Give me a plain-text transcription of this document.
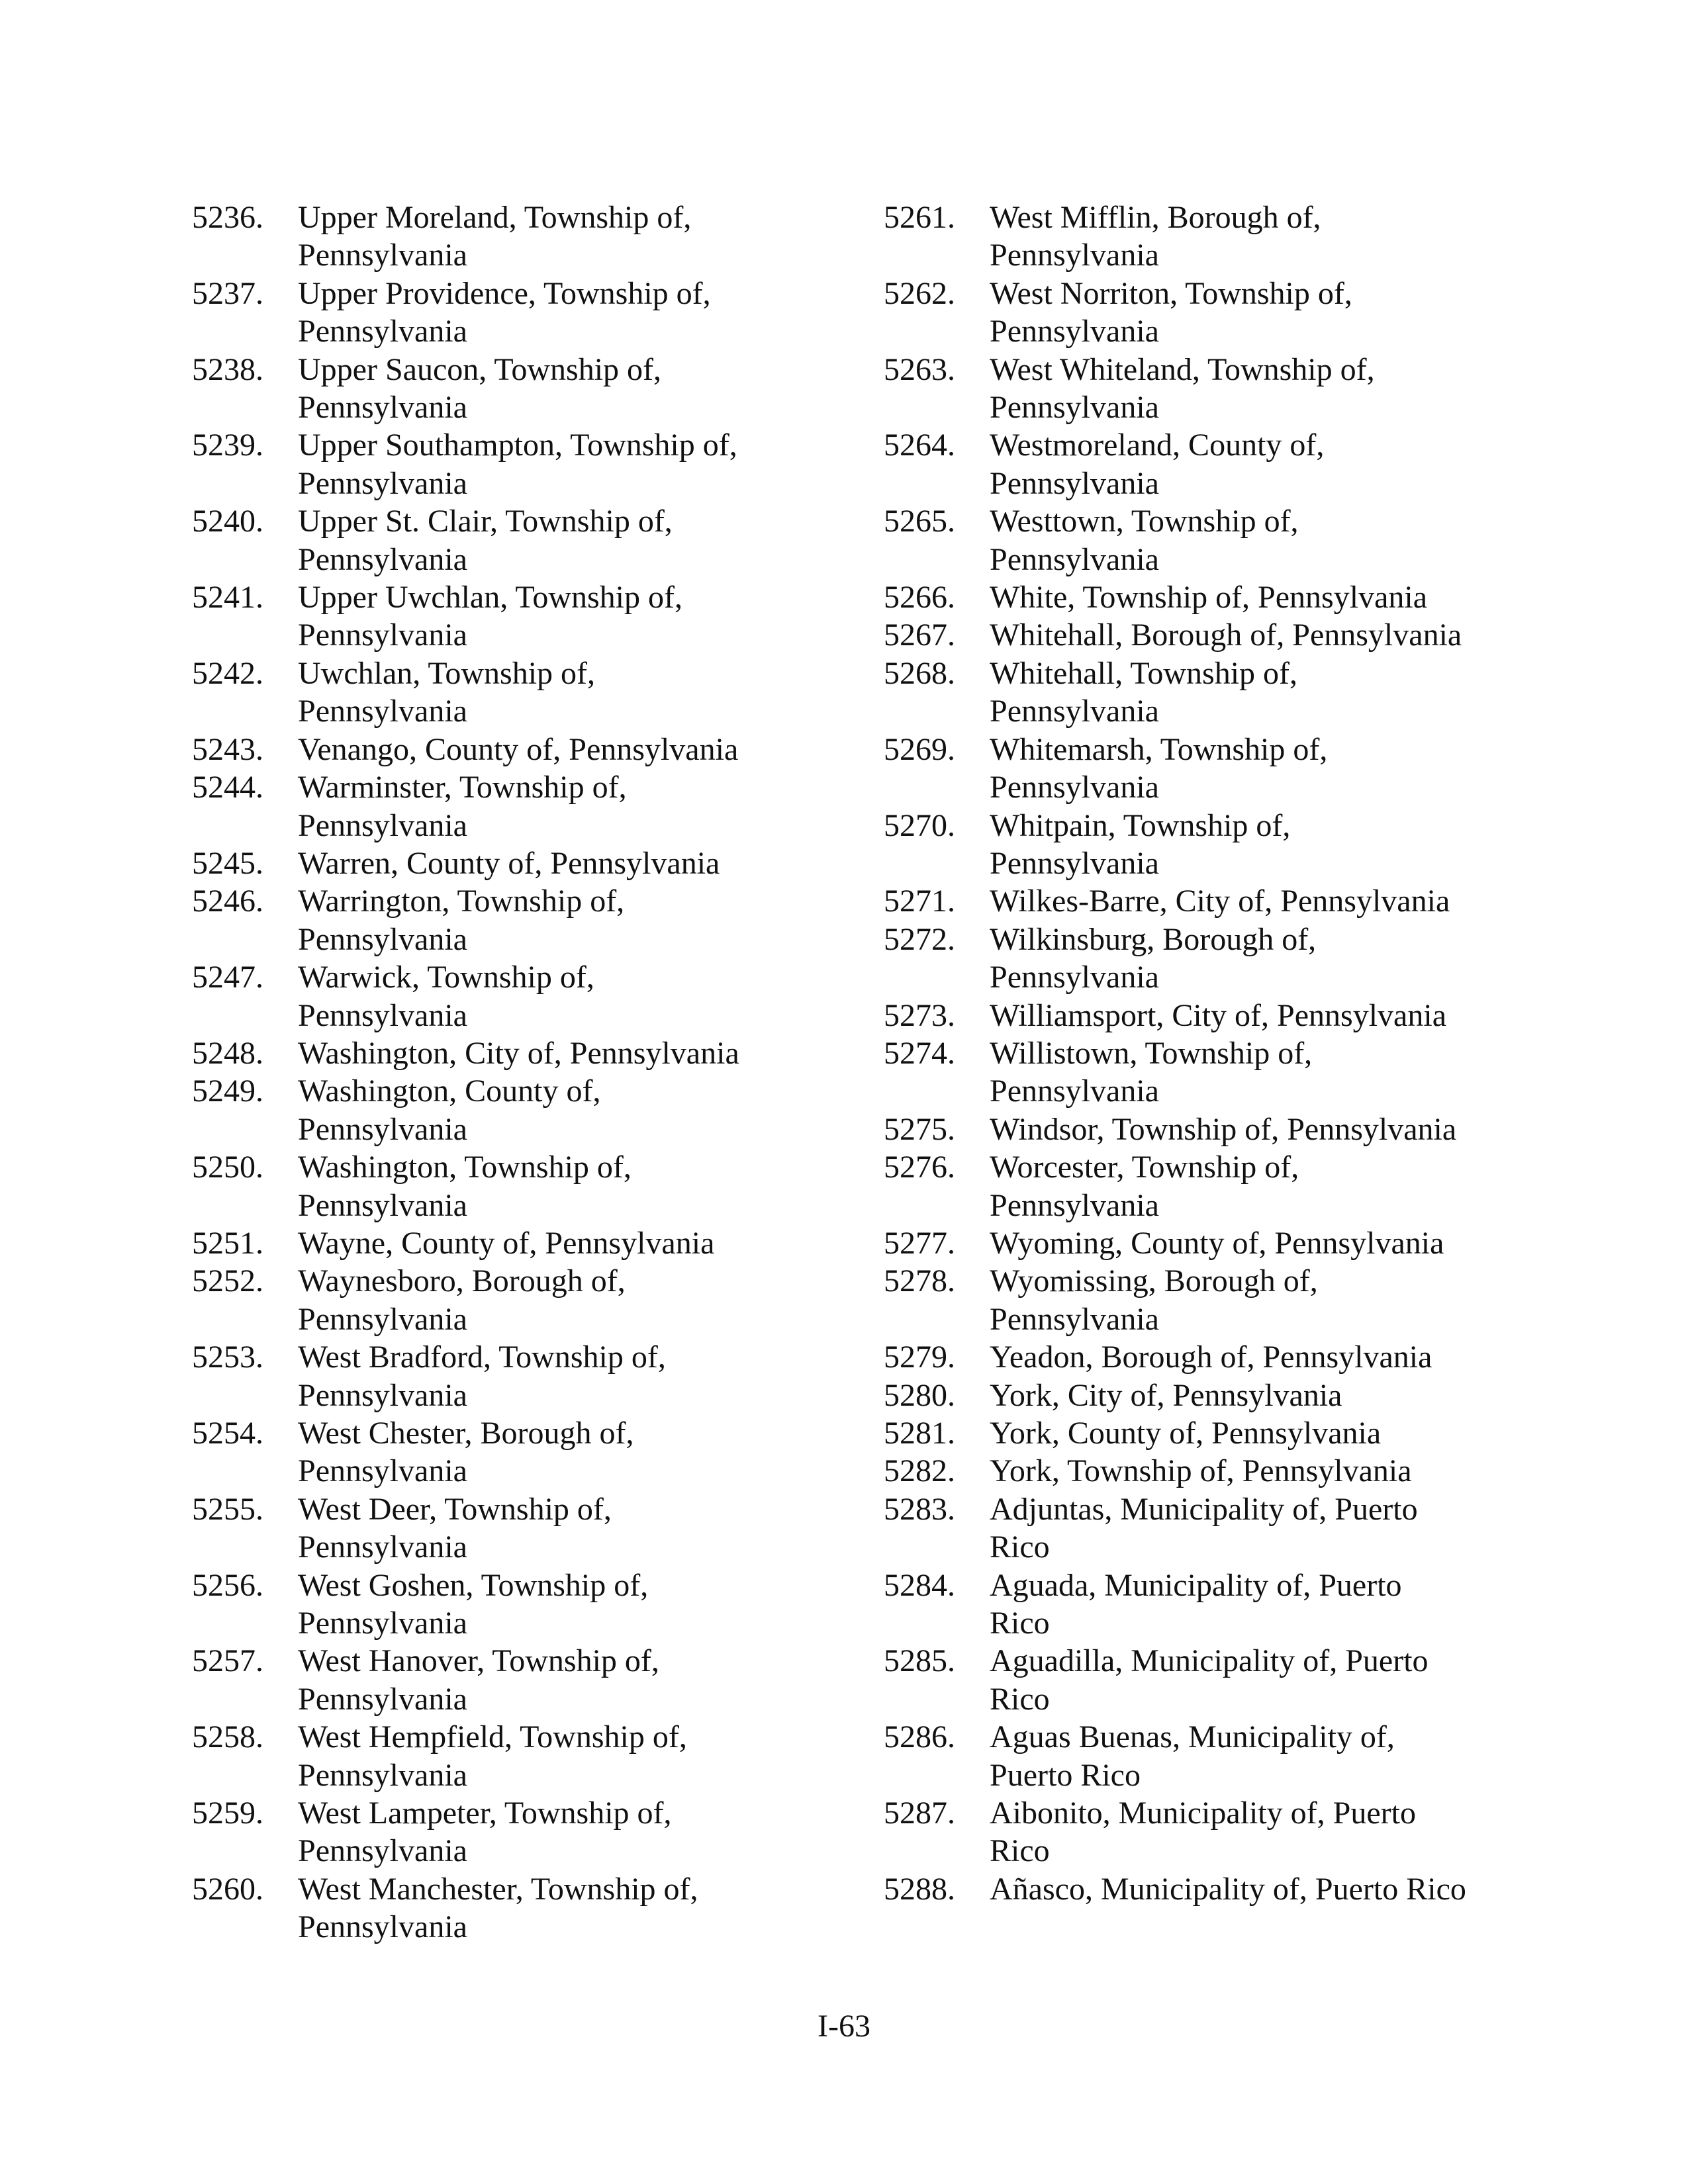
5236.	Upper Moreland, Township of,
Pennsylvania
5237.	Upper Providence, Township of,
Pennsylvania
5238.	Upper Saucon, Township of,
Pennsylvania
5239.	Upper Southampton, Township of,
Pennsylvania
5240.	Upper St. Clair, Township of,
Pennsylvania
5241.	Upper Uwchlan, Township of,
Pennsylvania
5242.	Uwchlan, Township of,
Pennsylvania
5243.	Venango, County of, Pennsylvania
5244.	Warminster, Township of,
Pennsylvania
5245.	Warren, County of, Pennsylvania
5246.	Warrington, Township of,
Pennsylvania
5247.	Warwick, Township of,
Pennsylvania
5248.	Washington, City of, Pennsylvania
5249.	Washington, County of,
Pennsylvania
5250.	Washington, Township of,
Pennsylvania
5251.	Wayne, County of, Pennsylvania
5252.	Waynesboro, Borough of,
Pennsylvania
5253.	West Bradford, Township of,
Pennsylvania
5254.	West Chester, Borough of,
Pennsylvania
5255.	West Deer, Township of,
Pennsylvania
5256.	West Goshen, Township of,
Pennsylvania
5257.	West Hanover, Township of,
Pennsylvania
5258.	West Hempfield, Township of,
Pennsylvania
5259.	West Lampeter, Township of,
Pennsylvania
5260.	West Manchester, Township of,
Pennsylvania
5261.	West Mifflin, Borough of,
Pennsylvania
5262.	West Norriton, Township of,
Pennsylvania
5263.	West Whiteland, Township of,
Pennsylvania
5264.	Westmoreland, County of,
Pennsylvania
5265.	Westtown, Township of,
Pennsylvania
5266.	White, Township of, Pennsylvania
5267.	Whitehall, Borough of, Pennsylvania
5268.	Whitehall, Township of,
Pennsylvania
5269.	Whitemarsh, Township of,
Pennsylvania
5270.	Whitpain, Township of,
Pennsylvania
5271.	Wilkes-Barre, City of, Pennsylvania
5272.	Wilkinsburg, Borough of,
Pennsylvania
5273.	Williamsport, City of, Pennsylvania
5274.	Willistown, Township of,
Pennsylvania
5275.	Windsor, Township of, Pennsylvania
5276.	Worcester, Township of,
Pennsylvania
5277.	Wyoming, County of, Pennsylvania
5278.	Wyomissing, Borough of,
Pennsylvania
5279.	Yeadon, Borough of, Pennsylvania
5280.	York, City of, Pennsylvania
5281.	York, County of, Pennsylvania
5282.	York, Township of, Pennsylvania
5283.	Adjuntas, Municipality of, Puerto
Rico
5284.	Aguada, Municipality of, Puerto
Rico
5285.	Aguadilla, Municipality of, Puerto
Rico
5286.	Aguas Buenas, Municipality of,
Puerto Rico
5287.	Aibonito, Municipality of, Puerto
Rico
5288.	Añasco, Municipality of, Puerto Rico
I-63
